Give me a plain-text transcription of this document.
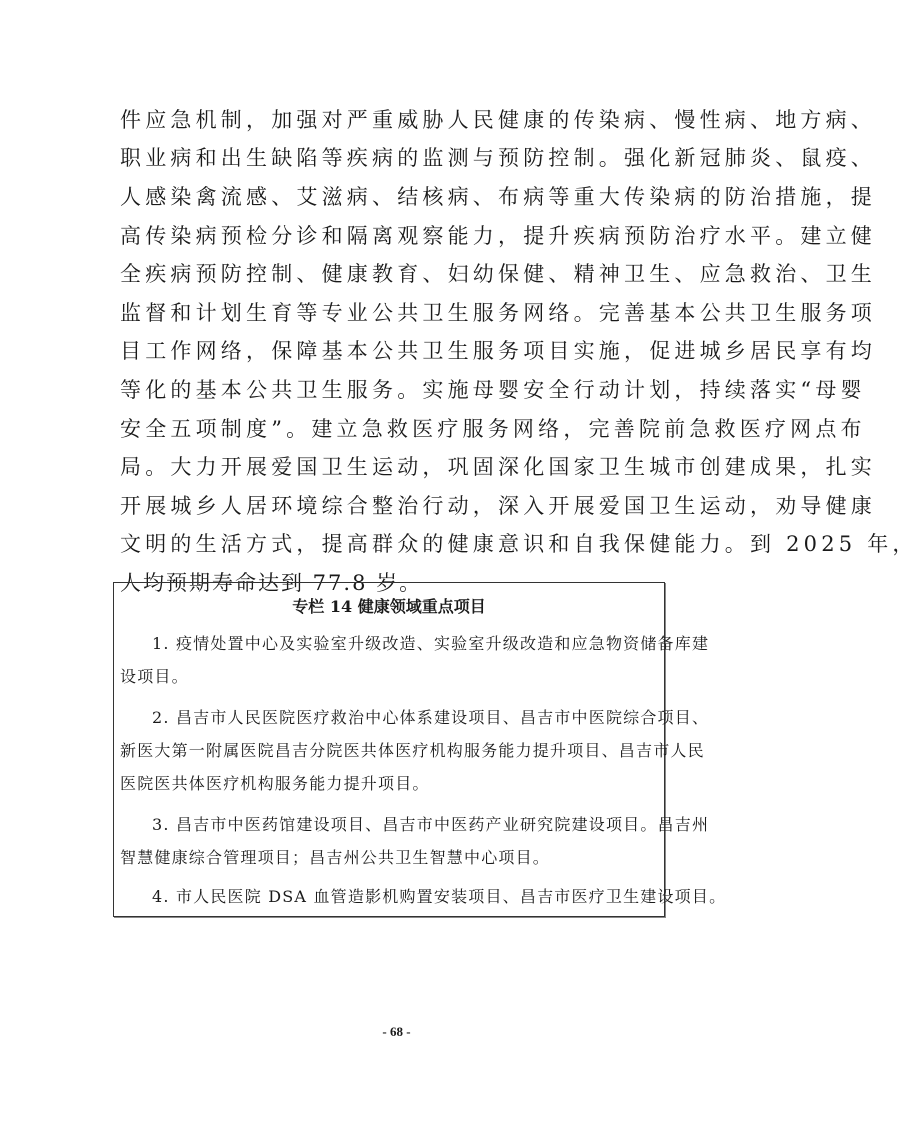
件应急机制，加强对严重威胁人民健康的传染病、慢性病、地方病、
职业病和出生缺陷等疾病的监测与预防控制。强化新冠肺炎、鼠疫、
人感染禽流感、艾滋病、结核病、布病等重大传染病的防治措施，提
高传染病预检分诊和隔离观察能力，提升疾病预防治疗水平。建立健
全疾病预防控制、健康教育、妇幼保健、精神卫生、应急救治、卫生
监督和计划生育等专业公共卫生服务网络。完善基本公共卫生服务项
目工作网络，保障基本公共卫生服务项目实施，促进城乡居民享有均
等化的基本公共卫生服务。实施母婴安全行动计划，持续落实“母婴
安全五项制度”。建立急救医疗服务网络，完善院前急救医疗网点布
局。大力开展爱国卫生运动，巩固深化国家卫生城市创建成果，扎实
开展城乡人居环境综合整治行动，深入开展爱国卫生运动，劝导健康
文明的生活方式，提高群众的健康意识和自我保健能力。到 2025 年，
人均预期寿命达到 77.8 岁。
专栏 14 健康领域重点项目
1. 疫情处置中心及实验室升级改造、实验室升级改造和应急物资储备库建
设项目。
2. 昌吉市人民医院医疗救治中心体系建设项目、昌吉市中医院综合项目、
新医大第一附属医院昌吉分院医共体医疗机构服务能力提升项目、昌吉市人民
医院医共体医疗机构服务能力提升项目。
3. 昌吉市中医药馆建设项目、昌吉市中医药产业研究院建设项目。昌吉州
智慧健康综合管理项目；昌吉州公共卫生智慧中心项目。
4. 市人民医院 DSA 血管造影机购置安装项目、昌吉市医疗卫生建设项目。
- 68 -
